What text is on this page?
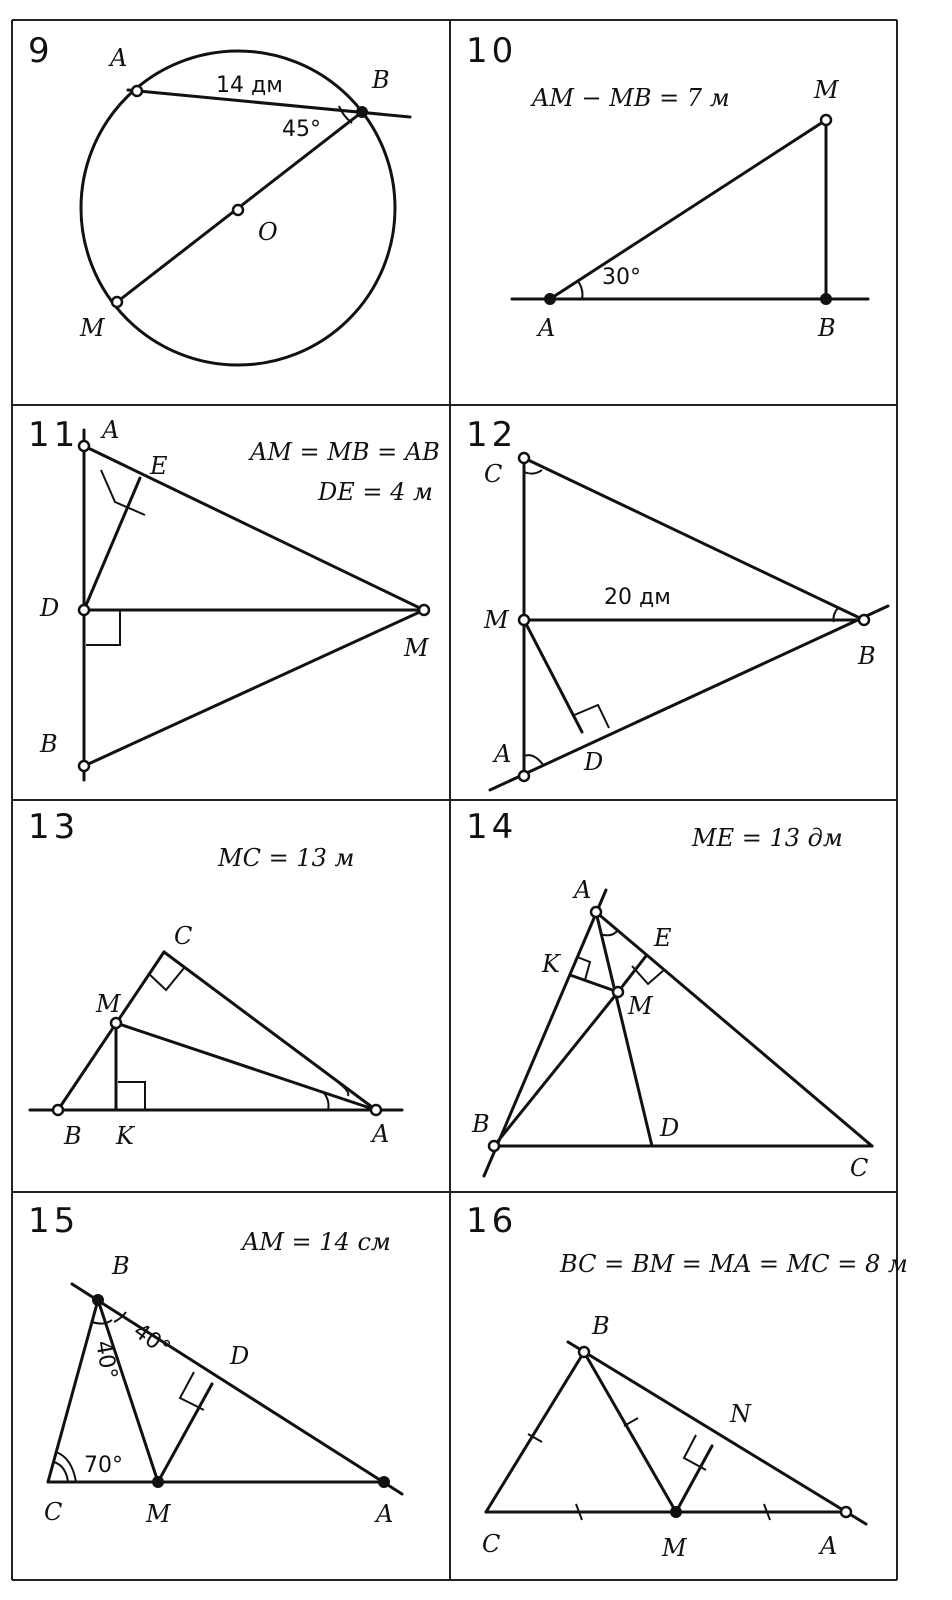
9 A
B
O
M
14 дм
45°
10
AM − MB = 7 м	M
A	B
30°
11	AM = MB = AB
DE = 4 м
A
E
D
M
B
12
C
M
B
A	D
20 дм
13
MC = 13 м
C
M
B K	A
14	ME = 13 дм
A
E
K
M
B	D
C
15
AM = 14 см
B
D
C	M	A
40° 40°
70°
16
BC = BM = MA = MC = 8 м
B
N
C	M	A
